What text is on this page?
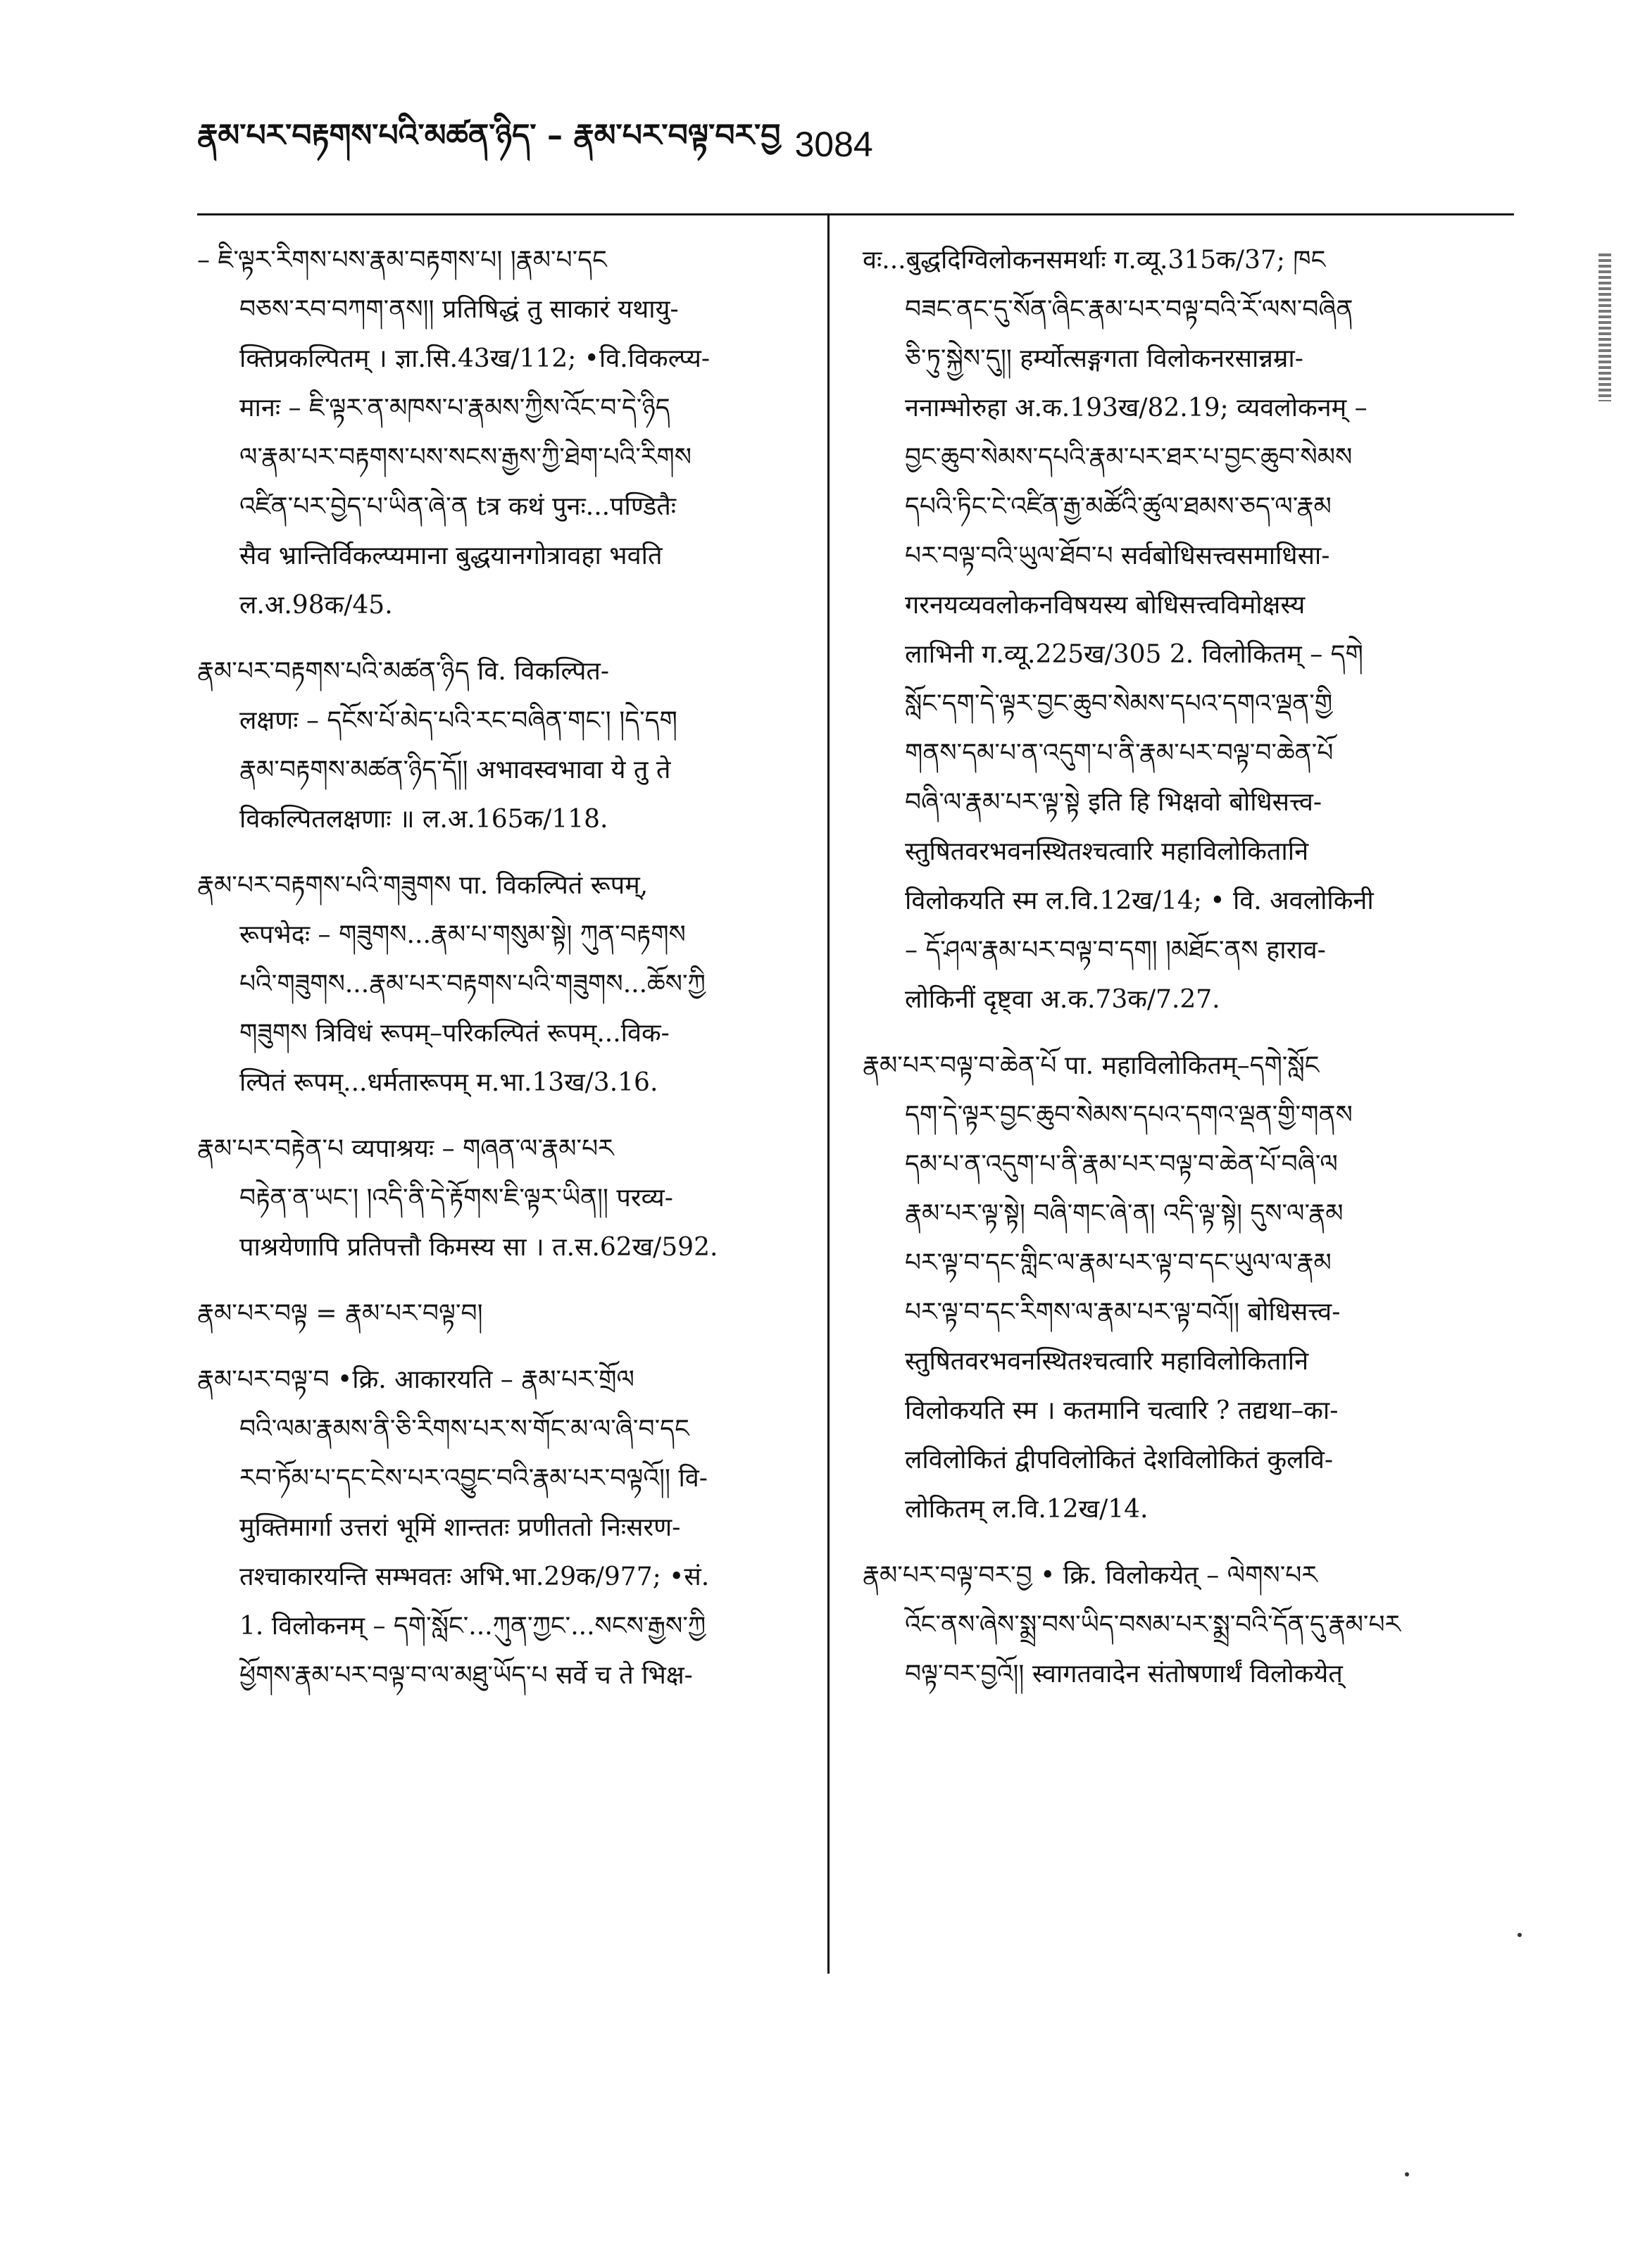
རྣམ་པར་བརྟགས་པའི་མཚན་ཉིད་ – རྣམ་པར་བལྟ་བར་བྱ 3084
– ཇི་ལྟར་རིགས་པས་རྣམ་བརྟགས་པ། །རྣམ་པ་དང
བཅས་རབ་བཀག་ནས།། प्रतिषिद्धं तु साकारं यथायु-
क्तिप्रकल्पितम् । ज्ञा.सि.43ख/112; •वि.विकल्प्य-
मानः – ཇི་ལྟར་ན་མཁས་པ་རྣམས་ཀྱིས་འོང་བ་དེ་ཉིད
ལ་རྣམ་པར་བརྟགས་པས་སངས་རྒྱས་ཀྱི་ཐེག་པའི་རིགས
འཛིན་པར་བྱེད་པ་ཡིན་ཞེ་ན tत्र कथं पुनः...पण्डितैः
सैव भ्रान्तिर्विकल्प्यमाना बुद्धयानगोत्रावहा भवति
ल.अ.98क/45.
རྣམ་པར་བརྟགས་པའི་མཚན་ཉིད वि. विकल्पित-
लक्षणः – དངོས་པོ་མེད་པའི་རང་བཞིན་གང་། །དེ་དག
རྣམ་བརྟགས་མཚན་ཉིད་དོ།། अभावस्वभावा ये तु ते
विकल्पितलक्षणाः ॥ ल.अ.165क/118.
རྣམ་པར་བརྟགས་པའི་གཟུགས पा. विकल्पितं रूपम्,
रूपभेदः – གཟུགས...རྣམ་པ་གསུམ་སྟེ། ཀུན་བརྟགས
པའི་གཟུགས...རྣམ་པར་བརྟགས་པའི་གཟུགས...ཆོས་ཀྱི
གཟུགས त्रिविधं रूपम्–परिकल्पितं रूपम्...विक-
ल्पितं रूपम्...धर्मतारूपम् म.भा.13ख/3.16.
རྣམ་པར་བརྟེན་པ व्यपाश्रयः – གཞན་ལ་རྣམ་པར
བརྟེན་ན་ཡང་། །འདི་ནི་དེ་རྟོགས་ཇི་ལྟར་ཡིན།། परव्य-
पाश्रयेणापि प्रतिपत्तौ किमस्य सा । त.स.62ख/592.
རྣམ་པར་བལྟ = རྣམ་པར་བལྟ་བ།
རྣམ་པར་བལྟ་བ •क्रि. आकारयति – རྣམ་པར་གྲོལ
བའི་ལམ་རྣམས་ནི་ཅི་རིགས་པར་ས་གོང་མ་ལ་ཞི་བ་དང
རབ་ཏོམ་པ་དང་ངེས་པར་འབྱུང་བའི་རྣམ་པར་བལྟའོ།། वि-
मुक्तिमार्गा उत्तरां भूमिं शान्ततः प्रणीततो निःसरण-
तश्चाकारयन्ति सम्भवतः अभि.भा.29क/977; •सं.
1. विलोकनम् – དགེ་སློང་...ཀུན་ཀྱང་...སངས་རྒྱས་ཀྱི
ཕྱོགས་རྣམ་པར་བལྟ་བ་ལ་མཐུ་ཡོད་པ सर्वे च ते भिक्ष-
वः...बुद्धदिग्विलोकनसमर्थाः ग.व्यू.315क/37; ཁང
བཟང་ནང་དུ་སོན་ཞིང་རྣམ་པར་བལྟ་བའི་རོ་ལས་བཞིན
ཅི་ཏུ་སྐྱེས་དུ།། हर्म्योत्सङ्गगता विलोकनरसान्नम्रा-
ननाम्भोरुहा अ.क.193ख/82.19; व्यवलोकनम् –
བྱང་ཆུབ་སེམས་དཔའི་རྣམ་པར་ཐར་པ་བྱང་ཆུབ་སེམས
དཔའི་ཏིང་ངེ་འཛིན་རྒྱ་མཚོའི་ཚུལ་ཐམས་ཅད་ལ་རྣམ
པར་བལྟ་བའི་ཡུལ་ཐོབ་པ सर्वबोधिसत्त्वसमाधिसा-
गरनयव्यवलोकनविषयस्य बोधिसत्त्वविमोक्षस्य
लाभिनी ग.व्यू.225ख/305 2. विलोकितम् – དགེ
སློང་དག་དེ་ལྟར་བྱང་ཆུབ་སེམས་དཔའ་དགའ་ལྡན་གྱི
གནས་དམ་པ་ན་འདུག་པ་ནི་རྣམ་པར་བལྟ་བ་ཆེན་པོ
བཞི་ལ་རྣམ་པར་ལྟ་སྟེ इति हि भिक्षवो बोधिसत्त्व-
स्तुषितवरभवनस्थितश्चत्वारि महाविलोकितानि
विलोकयति स्म ल.वि.12ख/14; • वि. अवलोकिनी
– དོ་ཤལ་རྣམ་པར་བལྟ་བ་དག། །མཐོང་ནས हाराव-
लोकिनीं दृष्ट्वा अ.क.73क/7.27.
རྣམ་པར་བལྟ་བ་ཆེན་པོ पा. महाविलोकितम्–དགེ་སློང
དག་དེ་ལྟར་བྱང་ཆུབ་སེམས་དཔའ་དགའ་ལྡན་གྱི་གནས
དམ་པ་ན་འདུག་པ་ནི་རྣམ་པར་བལྟ་བ་ཆེན་པོ་བཞི་ལ
རྣམ་པར་ལྟ་སྟེ། བཞི་གང་ཞེ་ན། འདི་ལྟ་སྟེ། དུས་ལ་རྣམ
པར་ལྟ་བ་དང་གླིང་ལ་རྣམ་པར་ལྟ་བ་དང་ཡུལ་ལ་རྣམ
པར་ལྟ་བ་དང་རིགས་ལ་རྣམ་པར་ལྟ་བའོ།། बोधिसत्त्व-
स्तुषितवरभवनस्थितश्चत्वारि महाविलोकितानि
विलोकयति स्म । कतमानि चत्वारि ? तद्यथा–का-
लविलोकितं द्वीपविलोकितं देशविलोकितं कुलवि-
लोकितम् ल.वि.12ख/14.
རྣམ་པར་བལྟ་བར་བྱ • क्रि. विलोकयेत् – ལེགས་པར
འོང་ནས་ཞེས་སྨྲ་བས་ཡིད་བསམ་པར་སྨྲ་བའི་དོན་དུ་རྣམ་པར
བལྟ་བར་བྱའོ།། स्वागतवादेन संतोषणार्थं विलोकयेत्
